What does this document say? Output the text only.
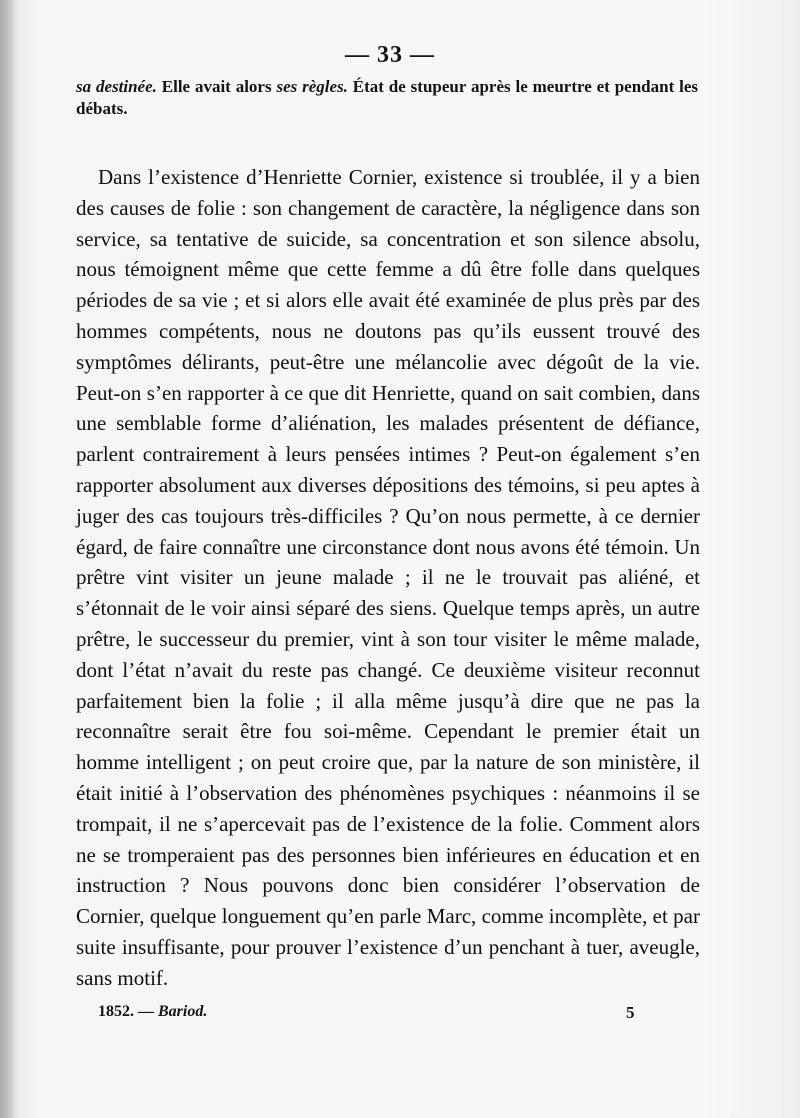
— 33 —
sa destinée. Elle avait alors ses règles. État de stupeur après le meurtre et pendant les débats.

Dans l’existence d’Henriette Cornier, existence si troublée, il y a bien des causes de folie : son changement de caractère, la négligence dans son service, sa tentative de suicide, sa concentration et son silence absolu, nous témoignent même que cette femme a dû être folle dans quelques périodes de sa vie ; et si alors elle avait été examinée de plus près par des hommes compétents, nous ne doutons pas qu’ils eussent trouvé des symptômes délirants, peut-être une mélancolie avec dégoût de la vie. Peut-on s’en rapporter à ce que dit Henriette, quand on sait combien, dans une semblable forme d’aliénation, les malades présentent de défiance, parlent contrairement à leurs pensées intimes ? Peut-on également s’en rapporter absolument aux diverses dépositions des témoins, si peu aptes à juger des cas toujours très-difficiles ? Qu’on nous permette, à ce dernier égard, de faire connaître une circonstance dont nous avons été témoin. Un prêtre vint visiter un jeune malade ; il ne le trouvait pas aliéné, et s’étonnait de le voir ainsi séparé des siens. Quelque temps après, un autre prêtre, le successeur du premier, vint à son tour visiter le même malade, dont l’état n’avait du reste pas changé. Ce deuxième visiteur reconnut parfaitement bien la folie ; il alla même jusqu’à dire que ne pas la reconnaître serait être fou soi-même. Cependant le premier était un homme intelligent ; on peut croire que, par la nature de son ministère, il était initié à l’observation des phénomènes psychiques : néanmoins il se trompait, il ne s’apercevait pas de l’existence de la folie. Comment alors ne se tromperaient pas des personnes bien inférieures en éducation et en instruction ? Nous pouvons donc bien considérer l’observation de Cornier, quelque longuement qu’en parle Marc, comme incomplète, et par suite insuffisante, pour prouver l’existence d’un penchant à tuer, aveugle, sans motif.

1852. — Bariod.	5
